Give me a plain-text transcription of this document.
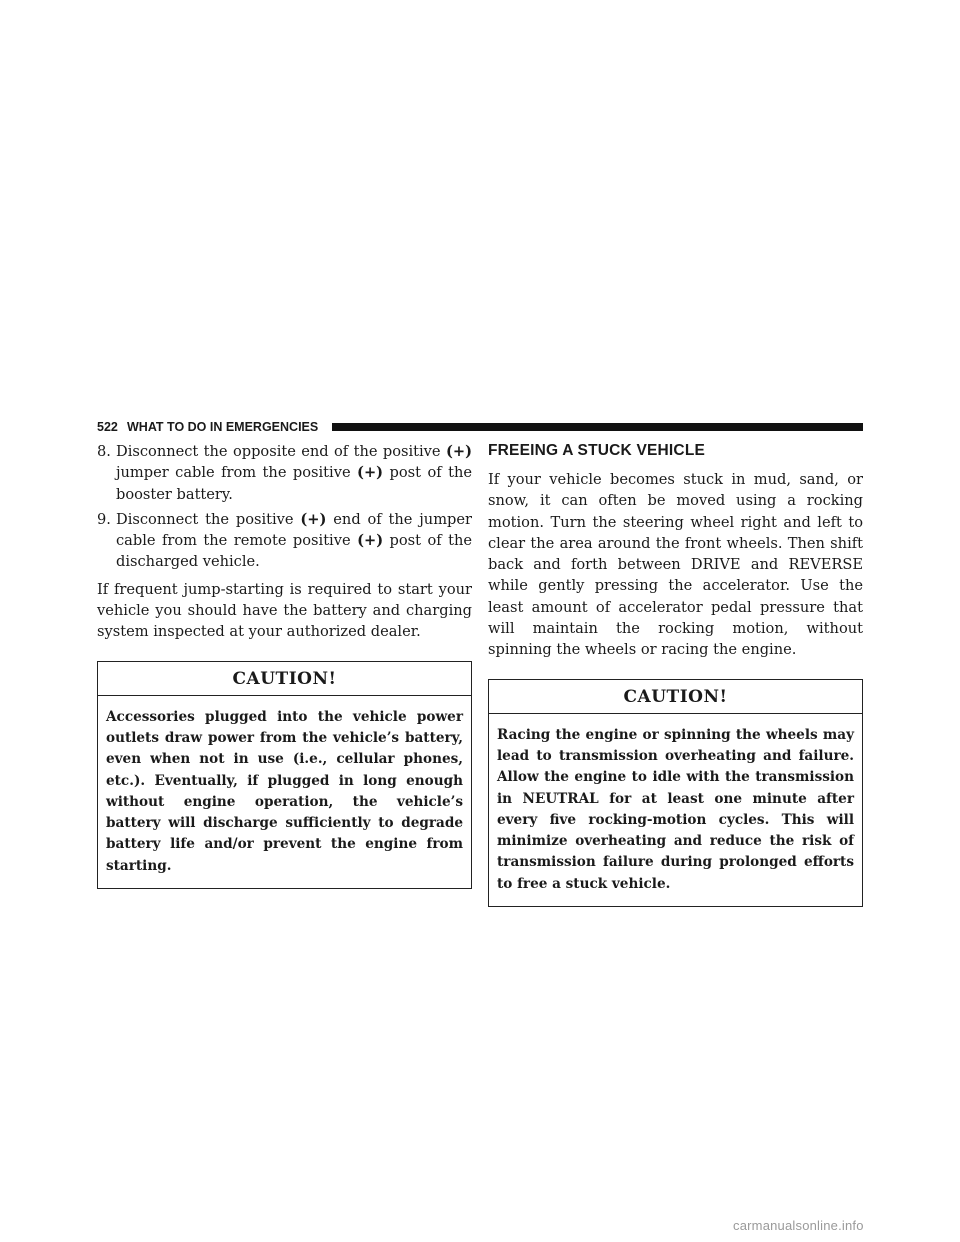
522 WHAT TO DO IN EMERGENCIES
8. Disconnect the opposite end of the positive (+) jumper cable from the positive (+) post of the booster battery.
9. Disconnect the positive (+) end of the jumper cable from the remote positive (+) post of the discharged vehicle.

If frequent jump-starting is required to start your vehicle you should have the battery and charging system inspected at your authorized dealer.

CAUTION!
Accessories plugged into the vehicle power outlets draw power from the vehicle’s battery, even when not in use (i.e., cellular phones, etc.). Eventually, if plugged in long enough without engine operation, the vehicle’s battery will discharge sufficiently to degrade battery life and/or prevent the engine from starting.
FREEING A STUCK VEHICLE

If your vehicle becomes stuck in mud, sand, or snow, it can often be moved using a rocking motion. Turn the steering wheel right and left to clear the area around the front wheels. Then shift back and forth between DRIVE and REVERSE while gently pressing the accelerator. Use the least amount of accelerator pedal pressure that will maintain the rocking motion, without spinning the wheels or racing the engine.

CAUTION!
Racing the engine or spinning the wheels may lead to transmission overheating and failure. Allow the engine to idle with the transmission in NEUTRAL for at least one minute after every five rocking-motion cycles. This will minimize overheating and reduce the risk of transmission failure during prolonged efforts to free a stuck vehicle.
carmanualsonline.info
